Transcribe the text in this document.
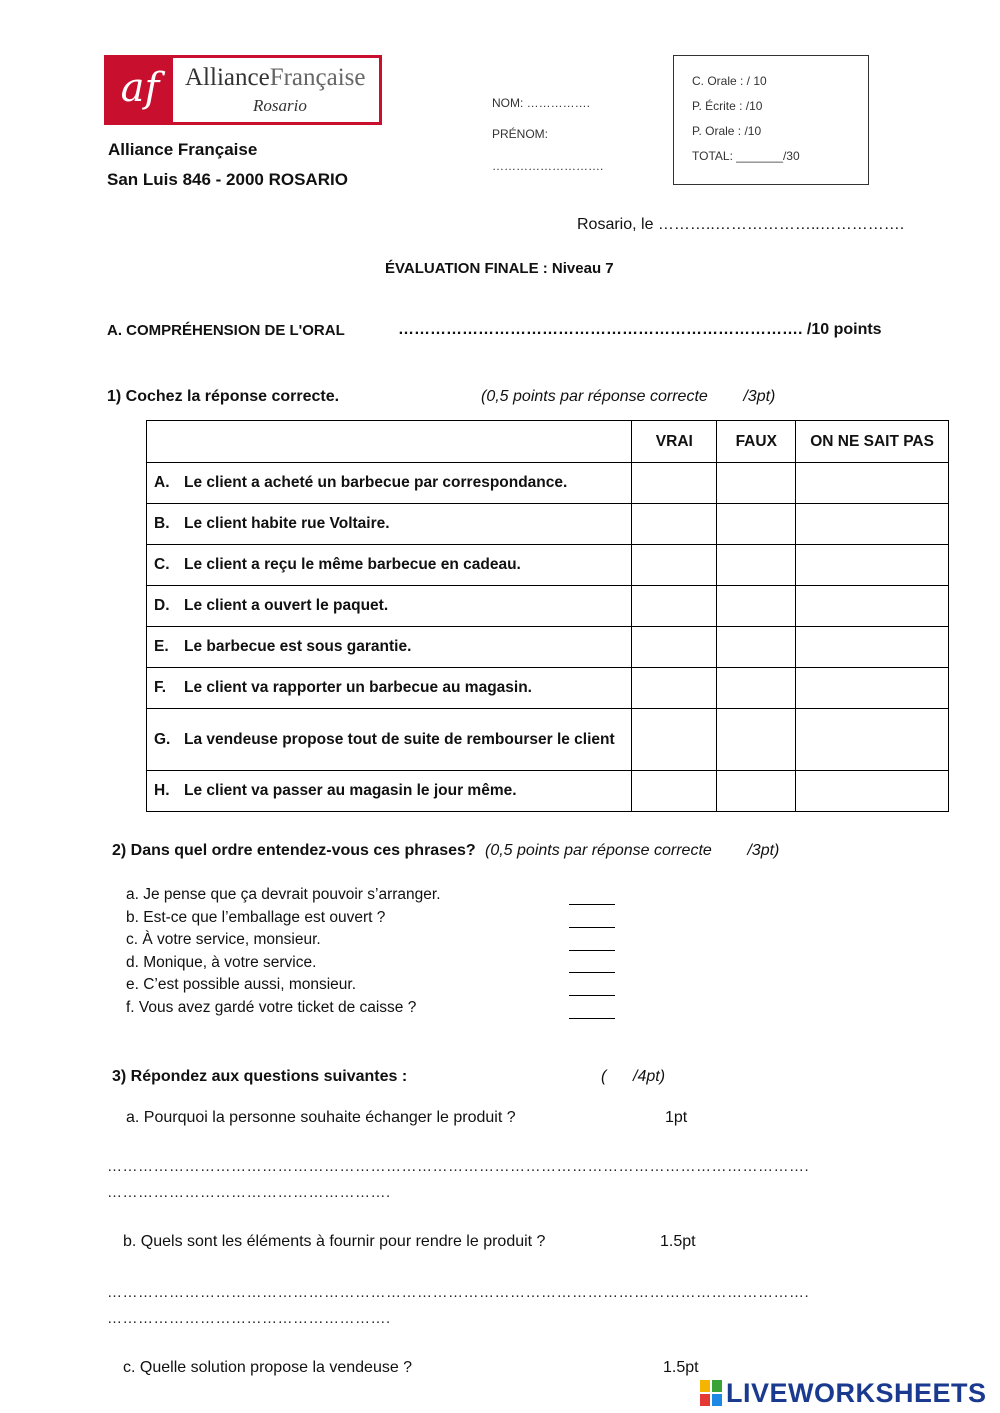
af	AllianceFrançaise
Rosario
Alliance Française
San Luis 846 - 2000 ROSARIO
NOM: …………….
PRÉNOM:
……………………….
C. Orale : / 10
P. Écrite : /10
P. Orale : /10
TOTAL: _______/30
Rosario, le ………..………………..…………….
ÉVALUATION FINALE : Niveau 7
A. COMPRÉHENSION DE L'ORAL	…………………………………………………………………. /10 points
1) Cochez la réponse correcte.	(0,5 points par réponse correcte        /3pt)
	VRAI	FAUX	ON NE SAIT PAS
A. Le client a acheté un barbecue par correspondance.			
B. Le client habite rue Voltaire.			
C. Le client a reçu le même barbecue en cadeau.			
D. Le client a ouvert le paquet.			
E. Le barbecue est sous garantie.			
F. Le client va rapporter un barbecue au magasin.			
G. La vendeuse propose tout de suite de rembourser le client			
H. Le client va passer au magasin le jour même.			
2) Dans quel ordre entendez-vous ces phrases? (0,5 points par réponse correcte        /3pt)
a. Je pense que ça devrait pouvoir s’arranger.
b. Est-ce que l’emballage est ouvert ?
c. À votre service, monsieur.
d. Monique, à votre service.
e. C’est possible aussi, monsieur.
f. Vous avez gardé votre ticket de caisse ?
3) Répondez aux questions suivantes :	(      /4pt)
a. Pourquoi la personne souhaite échanger le produit ?	1pt
……………………………………………………………………………………………………………………….
……………………………………………….
b. Quels sont les éléments à fournir pour rendre le produit ?	1.5pt
……………………………………………………………………………………………………………………….
……………………………………………….
c. Quelle solution propose la vendeuse ?	1.5pt
LIVEWORKSHEETS
